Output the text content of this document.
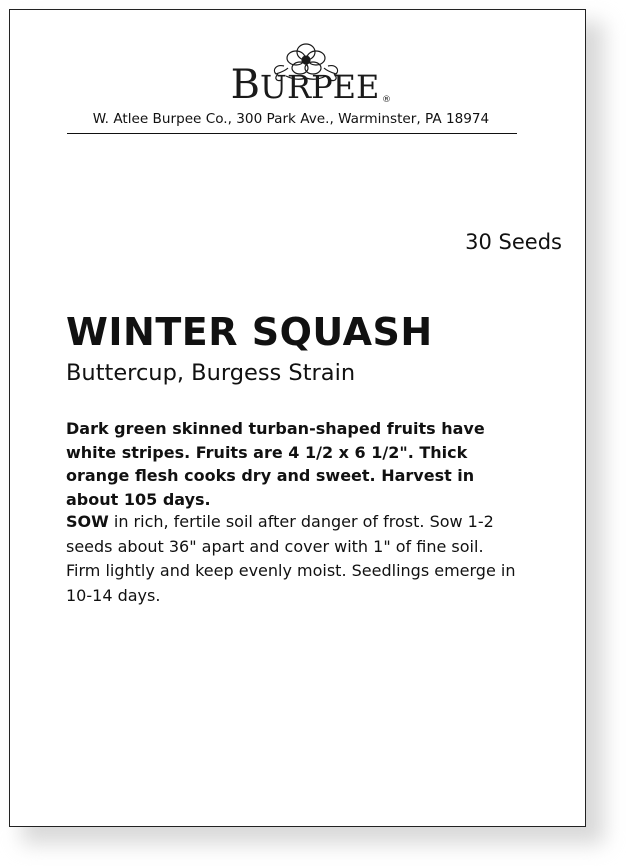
BURPEE ®
W. Atlee Burpee Co., 300 Park Ave., Warminster, PA 18974
30 Seeds
WINTER SQUASH
Buttercup, Burgess Strain
Dark green skinned turban-shaped fruits have white stripes. Fruits are 4 1/2 x 6 1/2". Thick orange flesh cooks dry and sweet. Harvest in about 105 days.
SOW in rich, fertile soil after danger of frost. Sow 1-2 seeds about 36" apart and cover with 1" of fine soil. Firm lightly and keep evenly moist. Seedlings emerge in 10-14 days.
